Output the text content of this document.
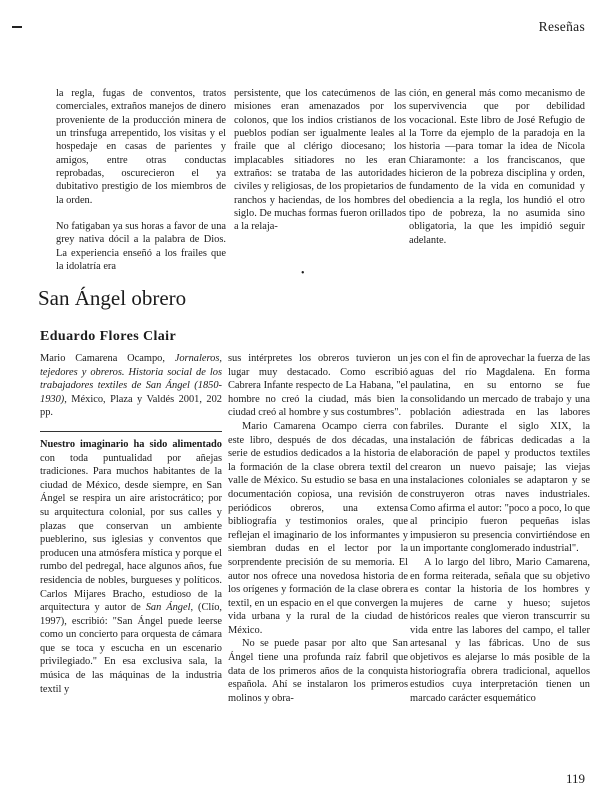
Reseñas

la regla, fugas de conventos, tratos comerciales, extraños manejos de dinero proveniente de la producción minera de un trinsfuga arrepentido, los visitas y el hospedaje en casas de parientes y amigos, entre otras conductas reprobadas, oscurecieron el ya dubitativo prestigio de los miembros de la orden.

No fatigaban ya sus horas a favor de una grey nativa dócil a la palabra de Dios. La experiencia enseñó a los frailes que la idolatría era

persistente, que los catecúmenos de las misiones eran amenazados por los colonos, que los indios cristianos de los pueblos podían ser igualmente leales al fraile que al clérigo diocesano; los implacables sitiadores no les eran extraños: se trataba de las autoridades civiles y religiosas, de los propietarios de ranchos y haciendas, de los hombres del siglo. De muchas formas fueron orillados a la relaja-

ción, en general más como mecanismo de supervivencia que por debilidad vocacional. Este libro de José Refugio de la Torre da ejemplo de la paradoja en la historia —para tomar la idea de Nicola Chiaramonte: a los franciscanos, que hicieron de la pobreza disciplina y orden, fundamento de la vida en comunidad y obediencia a la regla, los hundió el otro tipo de pobreza, la no asumida sino obligatoria, la que les impidió seguir adelante.

•
San Ángel obrero
Eduardo Flores Clair

Mario Camarena Ocampo, Jornaleros, tejedores y obreros. Historia social de los trabajadores textiles de San Ángel (1850-1930), México, Plaza y Valdés 2001, 202 pp.

Nuestro imaginario ha sido alimentado con toda puntualidad por añejas tradiciones. Para muchos habitantes de la ciudad de México, desde siempre, en San Ángel se respira un aire aristocrático; por su arquitectura colonial, por sus calles y plazas que conservan un ambiente pueblerino, sus iglesias y conventos que producen una atmósfera mística y porque el rumbo del pedregal, hace algunos años, fue residencia de nobles, burgueses y políticos. Carlos Mijares Bracho, estudioso de la arquitectura y autor de San Ángel, (Clío, 1997), escribió: "San Ángel puede leerse como un concierto para orquesta de cámara que se toca y escucha en un escenario privilegiado." En esa exclusiva sala, la música de las máquinas de la industria textil y

sus intérpretes los obreros tuvieron un lugar muy destacado. Como escribió Cabrera Infante respecto de La Habana, "el hombre no creó la ciudad, más bien la ciudad creó al hombre y sus costumbres".

Mario Camarena Ocampo cierra con este libro, después de dos décadas, una serie de estudios dedicados a la historia de la formación de la clase obrera textil del valle de México. Su estudio se basa en una documentación copiosa, una revisión de periódicos obreros, una extensa bibliografía y testimonios orales, que reflejan el imaginario de los informantes y siembran dudas en el lector por la sorprendente precisión de su memoria. El autor nos ofrece una novedosa historia de los orígenes y formación de la clase obrera textil, en un espacio en el que convergen la vida urbana y la rural de la ciudad de México.

No se puede pasar por alto que San Ángel tiene una profunda raíz fabril que data de los primeros años de la conquista española. Ahí se instalaron los primeros molinos y obra-

jes con el fin de aprovechar la fuerza de las aguas del río Magdalena. En forma paulatina, en su entorno se fue consolidando un mercado de trabajo y una población adiestrada en las labores fabriles. Durante el siglo XIX, la instalación de fábricas dedicadas a la elaboración de papel y productos textiles crearon un nuevo paisaje; las viejas instalaciones coloniales se adaptaron y se construyeron otras naves industriales. Como afirma el autor: "poco a poco, lo que al principio fueron pequeñas islas impusieron su presencia convirtiéndose en un importante conglomerado industrial".

A lo largo del libro, Mario Camarena, en forma reiterada, señala que su objetivo es contar la historia de los hombres y mujeres de carne y hueso; sujetos históricos reales que vieron transcurrir su vida entre las labores del campo, el taller artesanal y las fábricas. Uno de sus objetivos es alejarse lo más posible de la historiografía obrera tradicional, aquellos estudios cuya interpretación tienen un marcado carácter esquemático

119
